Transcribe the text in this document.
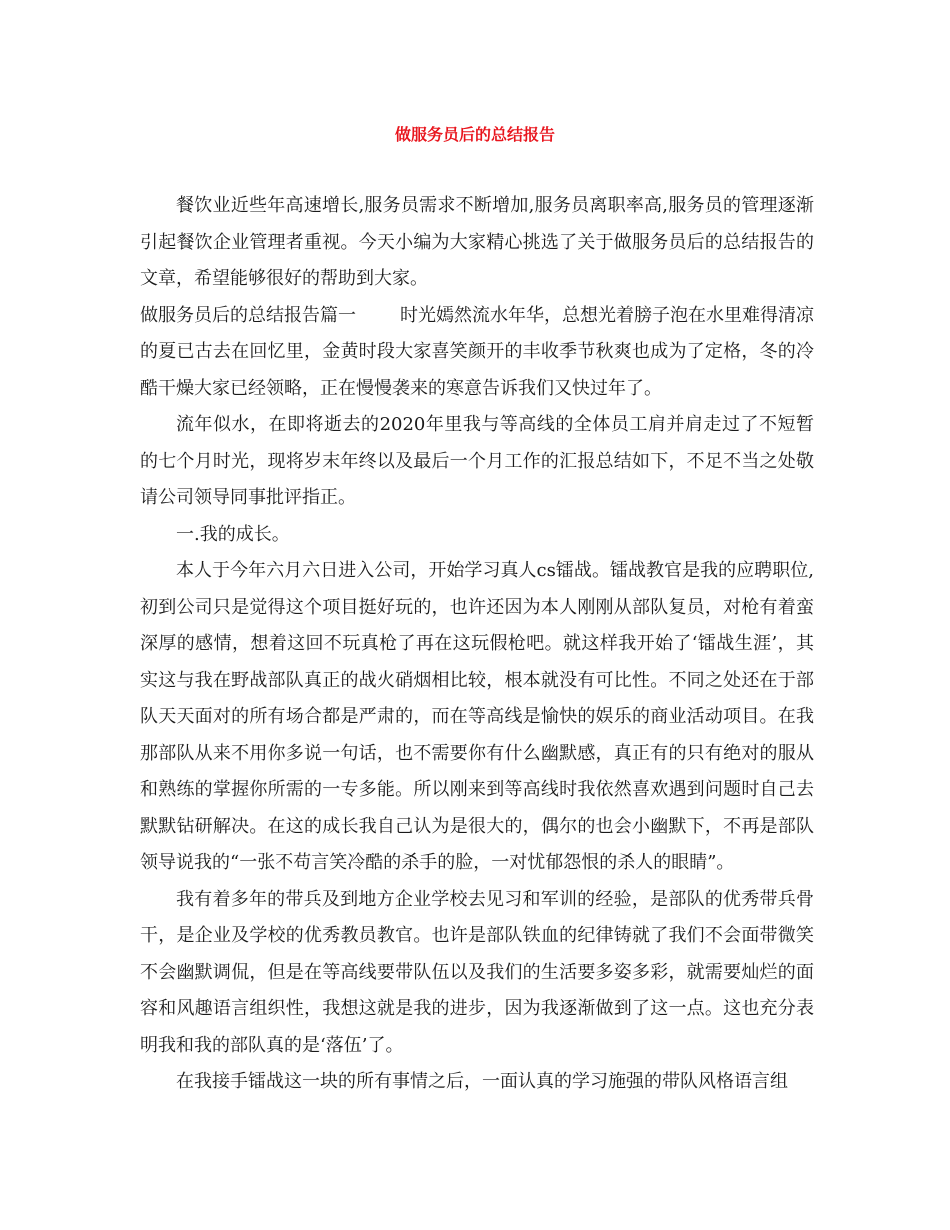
做服务员后的总结报告

餐饮业近些年高速增长,服务员需求不断增加,服务员离职率高,服务员的管理逐渐引起餐饮企业管理者重视。今天小编为大家精心挑选了关于做服务员后的总结报告的文章，希望能够很好的帮助到大家。

做服务员后的总结报告篇一 时光嫣然流水年华，总想光着膀子泡在水里难得清凉的夏已古去在回忆里，金黄时段大家喜笑颜开的丰收季节秋爽也成为了定格，冬的冷酷干燥大家已经领略，正在慢慢袭来的寒意告诉我们又快过年了。

流年似水，在即将逝去的2020年里我与等高线的全体员工肩并肩走过了不短暂的七个月时光，现将岁末年终以及最后一个月工作的汇报总结如下，不足不当之处敬请公司领导同事批评指正。

一.我的成长。

本人于今年六月六日进入公司，开始学习真人cs镭战。镭战教官是我的应聘职位,初到公司只是觉得这个项目挺好玩的，也许还因为本人刚刚从部队复员，对枪有着蛮深厚的感情，想着这回不玩真枪了再在这玩假枪吧。就这样我开始了‘镭战生涯’，其实这与我在野战部队真正的战火硝烟相比较，根本就没有可比性。不同之处还在于部队天天面对的所有场合都是严肃的，而在等高线是愉快的娱乐的商业活动项目。在我那部队从来不用你多说一句话，也不需要你有什么幽默感，真正有的只有绝对的服从和熟练的掌握你所需的一专多能。所以刚来到等高线时我依然喜欢遇到问题时自己去默默钻研解决。在这的成长我自己认为是很大的，偶尔的也会小幽默下，不再是部队领导说我的“一张不苟言笑冷酷的杀手的脸，一对忧郁怨恨的杀人的眼睛”。

我有着多年的带兵及到地方企业学校去见习和军训的经验，是部队的优秀带兵骨干，是企业及学校的优秀教员教官。也许是部队铁血的纪律铸就了我们不会面带微笑不会幽默调侃，但是在等高线要带队伍以及我们的生活要多姿多彩，就需要灿烂的面容和风趣语言组织性，我想这就是我的进步，因为我逐渐做到了这一点。这也充分表明我和我的部队真的是‘落伍’了。

在我接手镭战这一块的所有事情之后，一面认真的学习施强的带队风格语言组
